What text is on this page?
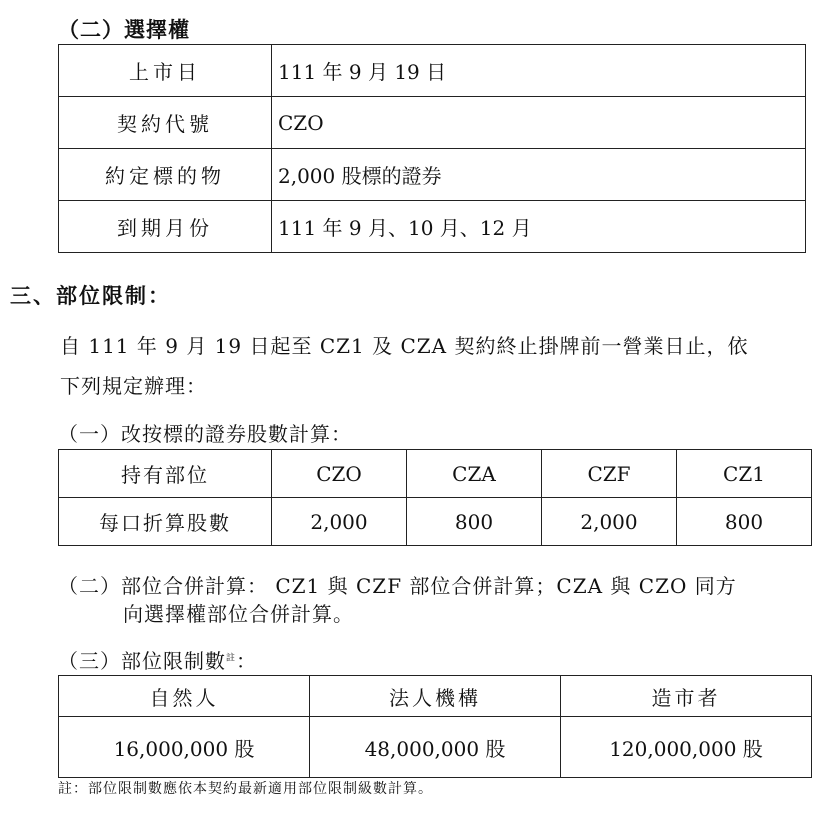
（二）選擇權
上市日	111 年 9 月 19 日
契約代號	CZO
約定標的物	2,000 股標的證券
到期月份	111 年 9 月、10 月、12 月
三、部位限制：
自 111 年 9 月 19 日起至 CZ1 及 CZA 契約終止掛牌前一營業日止，依
下列規定辦理：
（一）改按標的證券股數計算：
持有部位	CZO	CZA	CZF	CZ1
每口折算股數	2,000	800	2,000	800
（二）部位合併計算： CZ1 與 CZF 部位合併計算；CZA 與 CZO 同方
向選擇權部位合併計算。
（三）部位限制數$^註$：
自然人	法人機構	造市者
16,000,000 股	48,000,000 股	120,000,000 股
註：部位限制數應依本契約最新適用部位限制級數計算。
